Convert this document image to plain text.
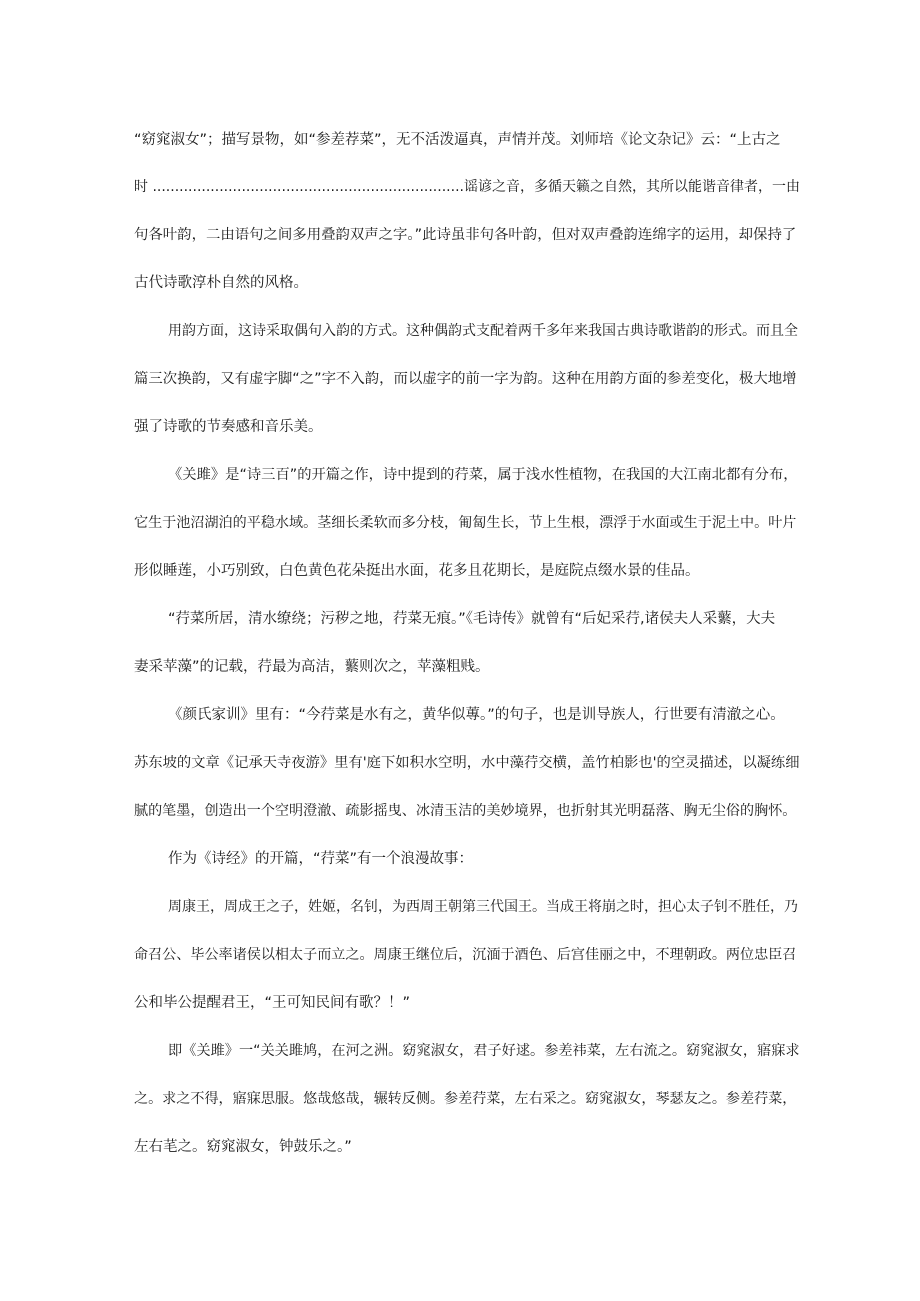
“窈窕淑女”；描写景物，如“参差荐菜”，无不活泼逼真，声情并茂。刘师培《论文杂记》云：“上古之
时 ......................................................................谣谚之音，多循天籁之自然，其所以能谐音律者，一由
句各叶韵，二由语句之间多用叠韵双声之字。”此诗虽非句各叶韵，但对双声叠韵连绵字的运用，却保持了
古代诗歌淳朴自然的风格。
用韵方面，这诗采取偶句入韵的方式。这种偶韵式支配着两千多年来我国古典诗歌谐韵的形式。而且全
篇三次换韵，又有虚字脚“之”字不入韵，而以虚字的前一字为韵。这种在用韵方面的参差变化，极大地增
强了诗歌的节奏感和音乐美。
《关雎》是“诗三百”的开篇之作，诗中提到的荇菜，属于浅水性植物，在我国的大江南北都有分布，
它生于池沼湖泊的平稳水域。茎细长柔软而多分枝，匍匐生长，节上生根，漂浮于水面或生于泥土中。叶片
形似睡莲，小巧别致，白色黄色花朵挺出水面，花多且花期长，是庭院点缀水景的佳品。
“荇菜所居，清水缭绕；污秽之地，荇菜无痕。”《毛诗传》就曾有“后妃采荇,诸侯夫人采蘩，大夫
妻采苹藻”的记载，荇最为高洁，蘩则次之，苹藻粗贱。
《颜氏家训》里有：“今荇菜是水有之，黄华似蓴。”的句子，也是训导族人，行世要有清澈之心。
苏东坡的文章《记承天寺夜游》里有'庭下如积水空明，水中藻荇交横，盖竹柏影也'的空灵描述，以凝练细
腻的笔墨，创造出一个空明澄澈、疏影摇曳、冰清玉洁的美妙境界，也折射其光明磊落、胸无尘俗的胸怀。
作为《诗经》的开篇，“荇菜”有一个浪漫故事：
周康王，周成王之子，姓姬，名钊，为西周王朝第三代国王。当成王将崩之时，担心太子钊不胜任，乃
命召公、毕公率诸侯以相太子而立之。周康王继位后，沉湎于酒色、后宫佳丽之中，不理朝政。两位忠臣召
公和毕公提醒君王，“王可知民间有歌？！”
即《关雎》一“关关雎鸠，在河之洲。窈窕淑女，君子好逑。参差祎菜，左右流之。窈窕淑女，寤寐求
之。求之不得，寤寐思服。悠哉悠哉，辗转反侧。参差荇菜，左右采之。窈窕淑女，琴瑟友之。参差荇菜，
左右芼之。窈窕淑女，钟鼓乐之。”
